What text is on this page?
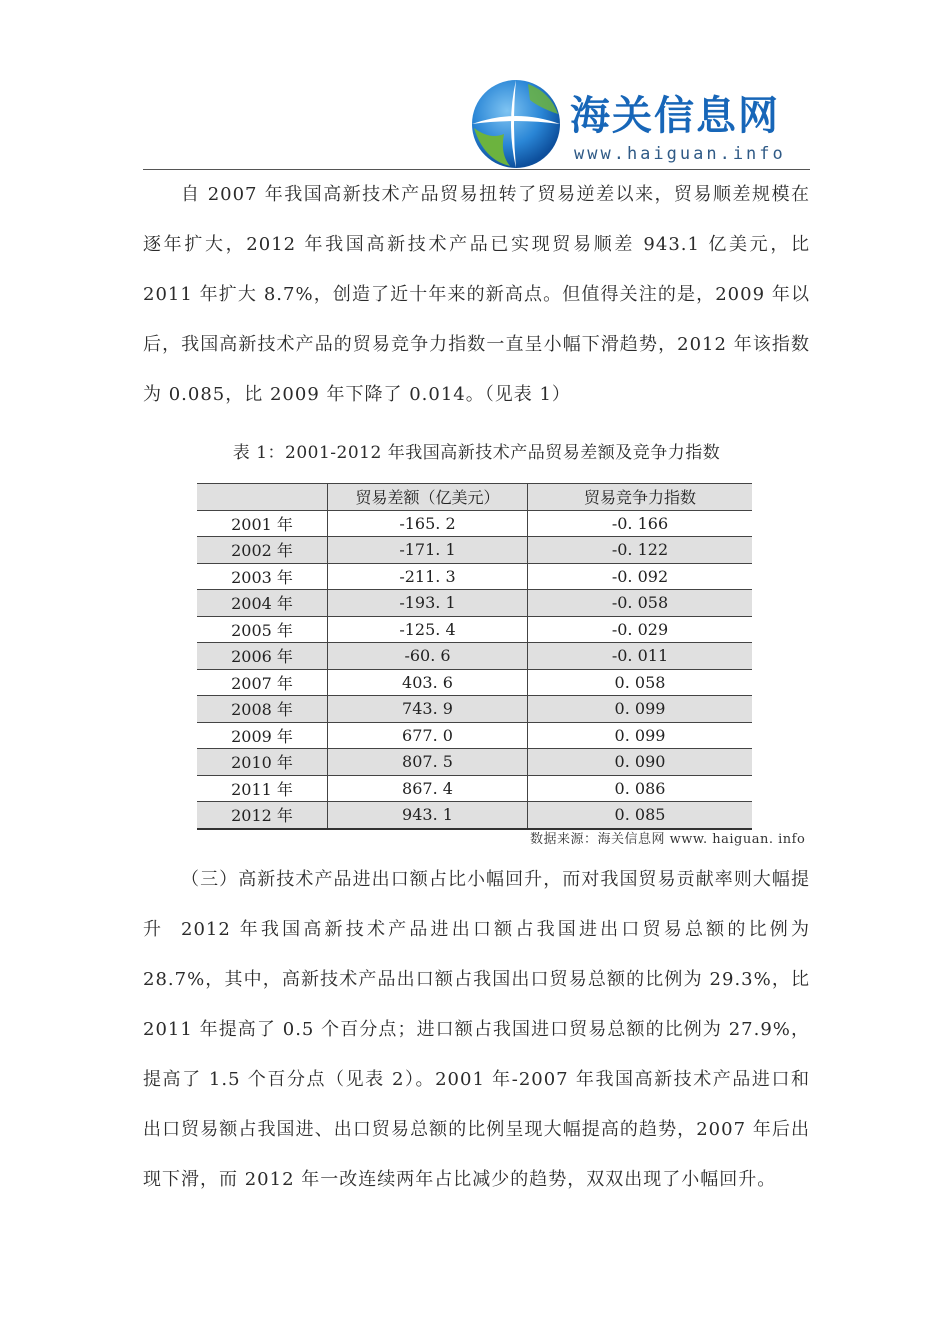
海关信息网
www.haiguan.info

自 2007 年我国高新技术产品贸易扭转了贸易逆差以来，贸易顺差规模在逐年扩大，2012 年我国高新技术产品已实现贸易顺差 943.1 亿美元，比 2011 年扩大 8.7%，创造了近十年来的新高点。但值得关注的是，2009 年以后，我国高新技术产品的贸易竞争力指数一直呈小幅下滑趋势，2012 年该指数为 0.085，比 2009 年下降了 0.014。（见表 1）

表 1：2001-2012 年我国高新技术产品贸易差额及竞争力指数
	贸易差额（亿美元）	贸易竞争力指数
2001 年	-165. 2	-0. 166
2002 年	-171. 1	-0. 122
2003 年	-211. 3	-0. 092
2004 年	-193. 1	-0. 058
2005 年	-125. 4	-0. 029
2006 年	-60. 6	-0. 011
2007 年	403. 6	0. 058
2008 年	743. 9	0. 099
2009 年	677. 0	0. 099
2010 年	807. 5	0. 090
2011 年	867. 4	0. 086
2012 年	943. 1	0. 085
数据来源：海关信息网 www. haiguan. info

（三）高新技术产品进出口额占比小幅回升，而对我国贸易贡献率则大幅提升	2012 年我国高新技术产品进出口额占我国进出口贸易总额的比例为 28.7%，其中，高新技术产品出口额占我国出口贸易总额的比例为 29.3%，比 2011 年提高了 0.5 个百分点；进口额占我国进口贸易总额的比例为 27.9%，提高了 1.5 个百分点（见表 2）。2001 年-2007 年我国高新技术产品进口和出口贸易额占我国进、出口贸易总额的比例呈现大幅提高的趋势，2007 年后出现下滑，而 2012 年一改连续两年占比减少的趋势，双双出现了小幅回升。
